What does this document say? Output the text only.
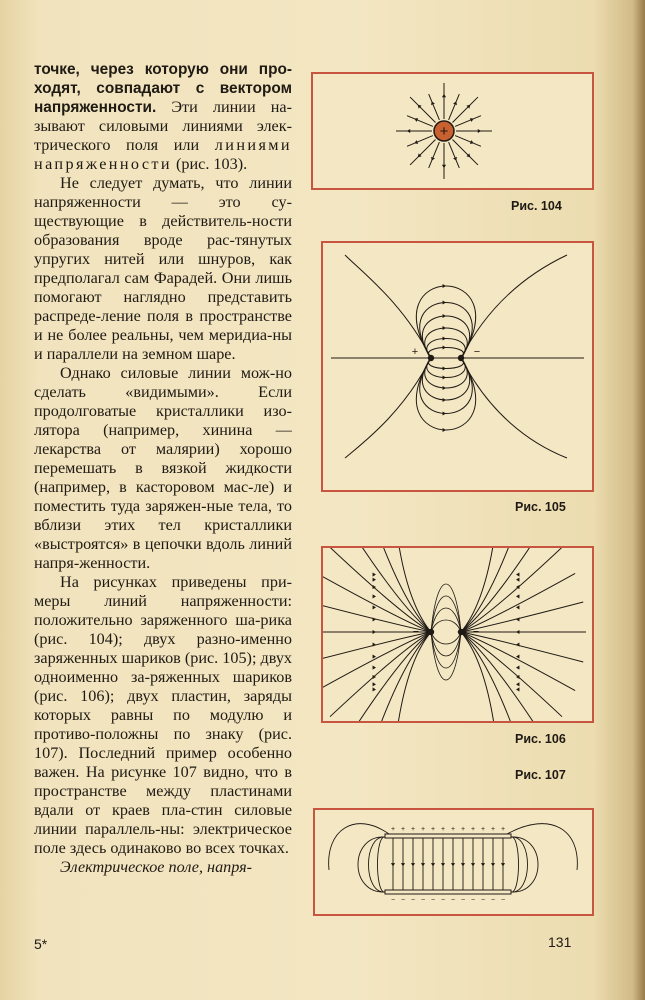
точке, через которую они про-ходят, совпадают с вектором напряженности. Эти линии на-зывают силовыми линиями элек-трического поля или линиями напряженности (рис. 103).

Не следует думать, что линии напряженности — это су-ществующие в действитель-ности образования вроде рас-тянутых упругих нитей или шнуров, как предполагал сам Фарадей. Они лишь помогают наглядно представить распреде-ление поля в пространстве и не более реальны, чем меридиа-ны и параллели на земном шаре.

Однако силовые линии мож-но сделать «видимыми». Если продолговатые кристаллики изо-лятора (например, хинина — лекарства от малярии) хорошо перемешать в вязкой жидкости (например, в касторовом мас-ле) и поместить туда заряжен-ные тела, то вблизи этих тел кристаллики «выстроятся» в цепочки вдоль линий напря-женности.

На рисунках приведены при-меры линий напряженности: положительно заряженного ша-рика (рис. 104); двух разно-именно заряженных шариков (рис. 105); двух одноименно за-ряженных шариков (рис. 106); двух пластин, заряды которых равны по модулю и противо-положны по знаку (рис. 107). Последний пример особенно важен. На рисунке 107 видно, что в пространстве между пластинами вдали от краев пла-стин силовые линии параллель-ны: электрическое поле здесь одинаково во всех точках.

Электрическое поле, напря-

+
Рис. 104
+	−
Рис. 105
−	−
Рис. 106
Рис. 107
+
−
+
−
+
−
+
−
+
−
+
−
+
−
+
−
+
−
+
−
+
−
+
−
5*	131
